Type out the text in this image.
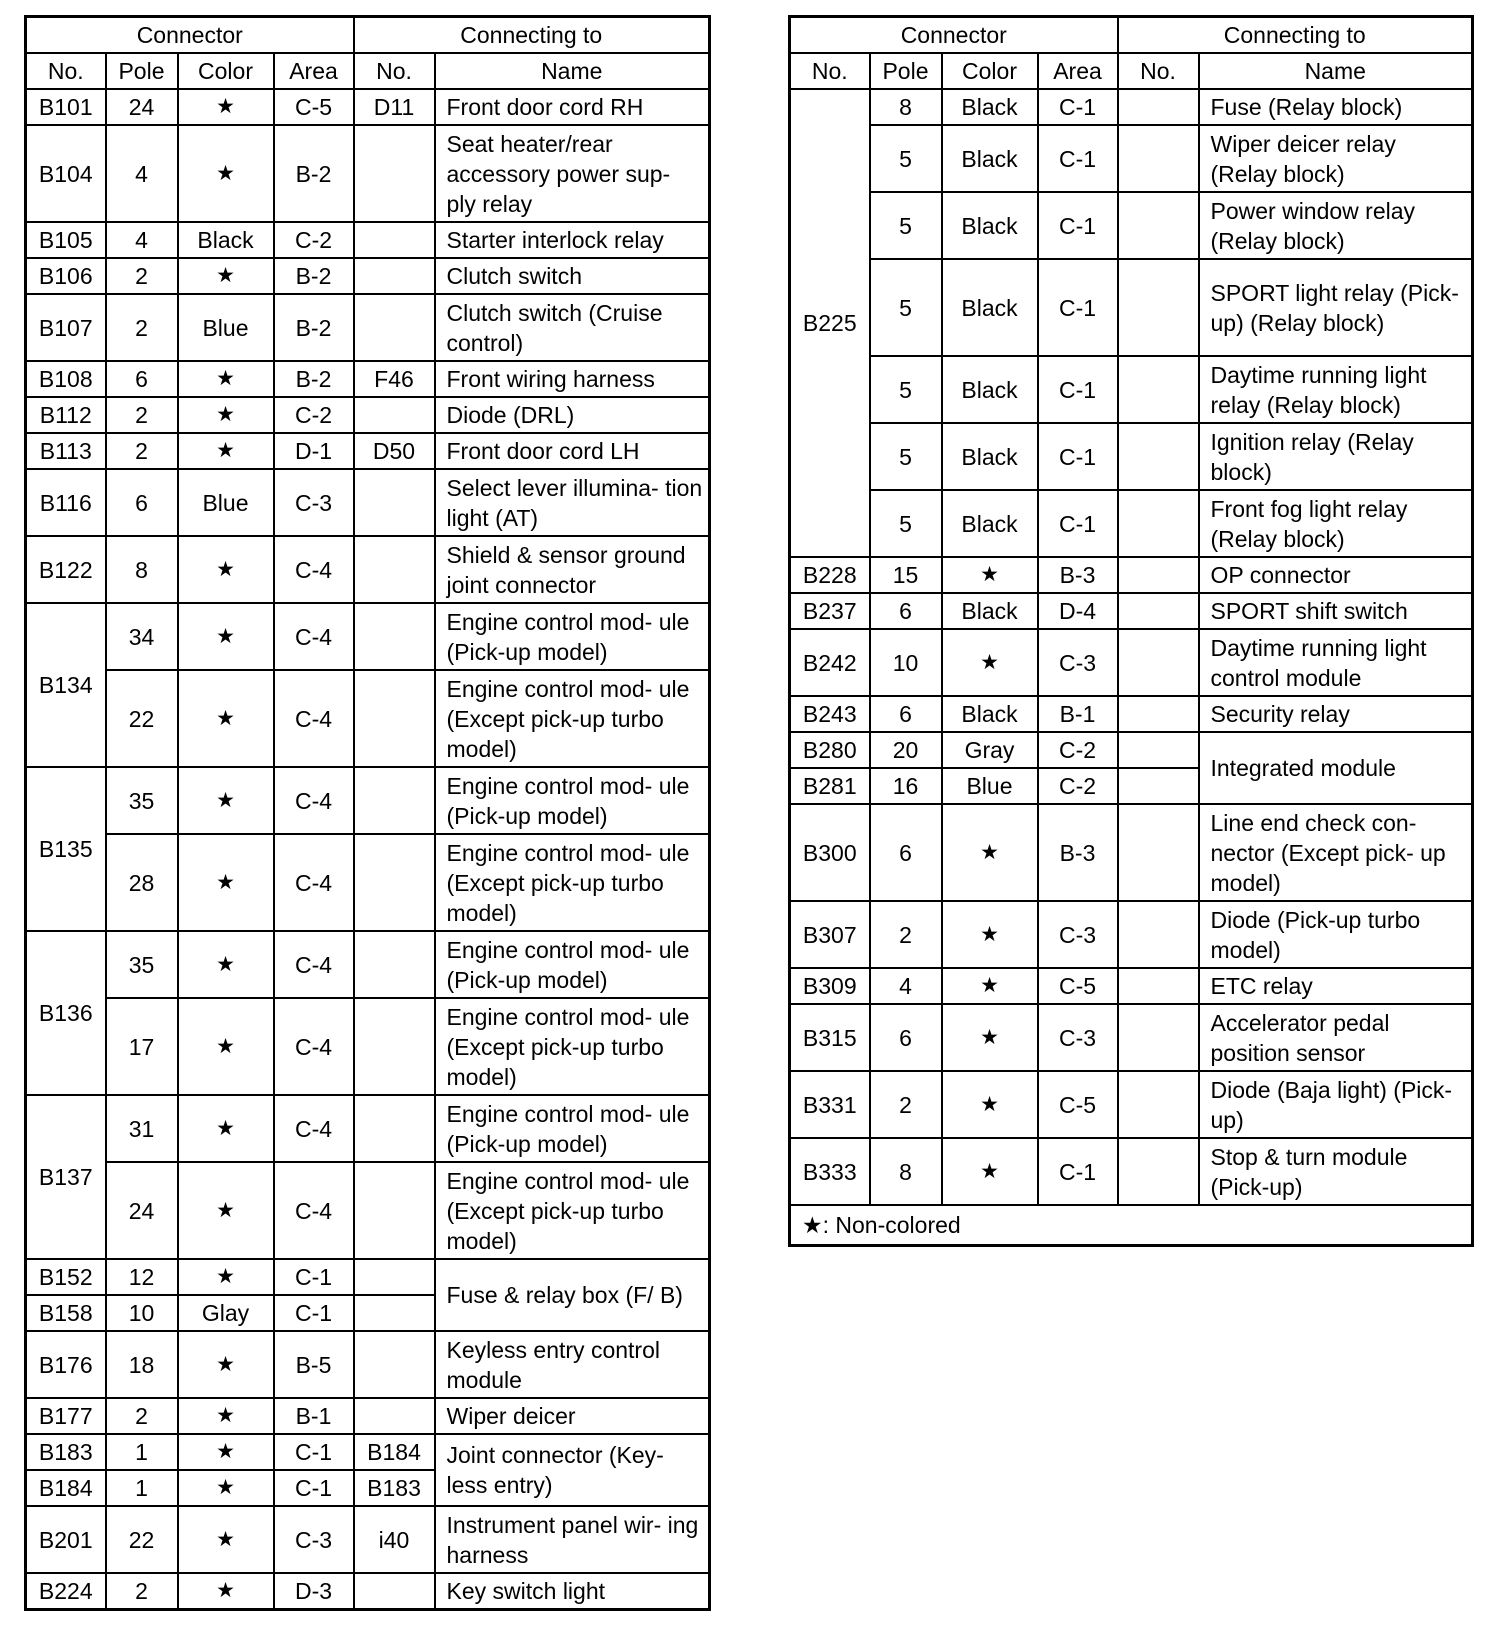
Connector				Connecting to	
No.	Pole	Color	Area	No.	Name
B101	24	★	C-5	D11	Front door cord RH
B104	4	★	B-2		Seat heater/rear accessory power sup- ply relay
B105	4	Black	C-2		Starter interlock relay
B106	2	★	B-2		Clutch switch
B107	2	Blue	B-2		Clutch switch (Cruise control)
B108	6	★	B-2	F46	Front wiring harness
B112	2	★	C-2		Diode (DRL)
B113	2	★	D-1	D50	Front door cord LH
B116	6	Blue	C-3		Select lever illumina- tion light (AT)
B122	8	★	C-4		Shield & sensor ground joint connector
B134	34	★	C-4		Engine control mod- ule (Pick-up model)
	22	★	C-4		Engine control mod- ule (Except pick-up turbo model)
B135	35	★	C-4		Engine control mod- ule (Pick-up model)
	28	★	C-4		Engine control mod- ule (Except pick-up turbo model)
B136	35	★	C-4		Engine control mod- ule (Pick-up model)
	17	★	C-4		Engine control mod- ule (Except pick-up turbo model)
B137	31	★	C-4		Engine control mod- ule (Pick-up model)
	24	★	C-4		Engine control mod- ule (Except pick-up turbo model)
B152	12	★	C-1		Fuse & relay box (F/ B)
B158	10	Glay	C-1		
B176	18	★	B-5		Keyless entry control module
B177	2	★	B-1		Wiper deicer
B183	1	★	C-1	B184	Joint connector (Key- less entry)
B184	1	★	C-1	B183	
B201	22	★	C-3	i40	Instrument panel wir- ing harness
B224	2	★	D-3		Key switch light
Connector				Connecting to	
No.	Pole	Color	Area	No.	Name
B225	8	Black	C-1		Fuse (Relay block)
	5	Black	C-1		Wiper deicer relay (Relay block)
	5	Black	C-1		Power window relay (Relay block)
	5	Black	C-1		SPORT light relay (Pick-up) (Relay block)
	5	Black	C-1		Daytime running light relay (Relay block)
	5	Black	C-1		Ignition relay (Relay block)
	5	Black	C-1		Front fog light relay (Relay block)
B228	15	★	B-3		OP connector
B237	6	Black	D-4		SPORT shift switch
B242	10	★	C-3		Daytime running light control module
B243	6	Black	B-1		Security relay
B280	20	Gray	C-2		Integrated module
B281	16	Blue	C-2		
B300	6	★	B-3		Line end check con- nector (Except pick- up model)
B307	2	★	C-3		Diode (Pick-up turbo model)
B309	4	★	C-5		ETC relay
B315	6	★	C-3		Accelerator pedal position sensor
B331	2	★	C-5		Diode (Baja light) (Pick-up)
B333	8	★	C-1		Stop & turn module (Pick-up)
★: Non-colored					
